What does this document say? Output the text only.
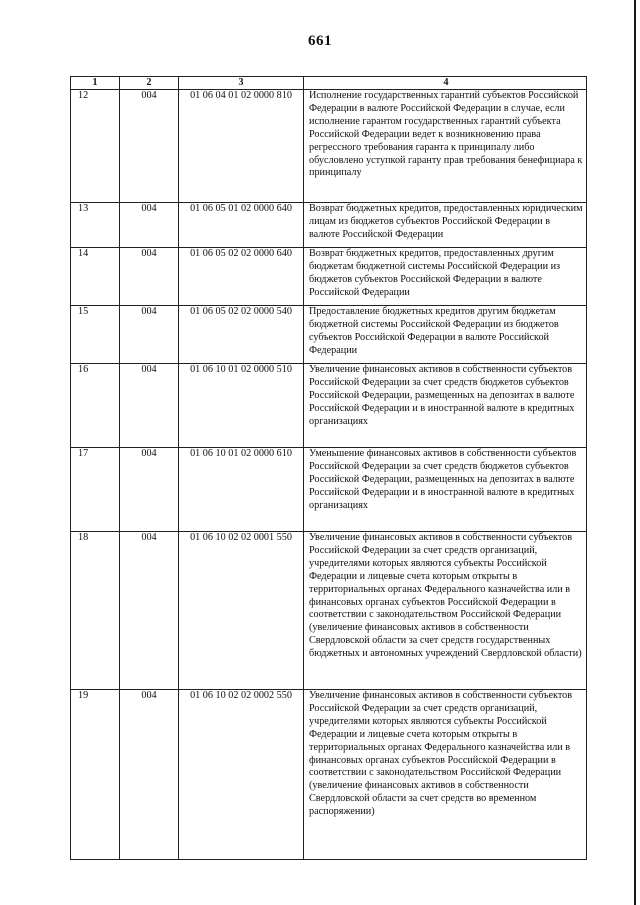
661
1	2	3	4
12	004	01 06 04 01 02 0000 810	Исполнение государственных гарантий субъектов Российской Федерации в валюте Российской Федерации в случае, если исполнение гарантом государственных гарантий субъекта Российской Федерации ведет к возникновению права регрессного требования гаранта к принципалу либо обусловлено уступкой гаранту прав требования бенефициара к принципалу
13	004	01 06 05 01 02 0000 640	Возврат бюджетных кредитов, предоставленных юридическим лицам из бюджетов субъектов Российской Федерации в валюте Российской Федерации
14	004	01 06 05 02 02 0000 640	Возврат бюджетных кредитов, предоставленных другим бюджетам бюджетной системы Российской Федерации из бюджетов субъектов Российской Федерации в валюте Российской Федерации
15	004	01 06 05 02 02 0000 540	Предоставление бюджетных кредитов другим бюджетам бюджетной системы Российской Федерации из бюджетов субъектов Российской Федерации в валюте Российской Федерации
16	004	01 06 10 01 02 0000 510	Увеличение финансовых активов в собственности субъектов Российской Федерации за счет средств бюджетов субъектов Российской Федерации, размещенных на депозитах в валюте Российской Федерации и в иностранной валюте в кредитных организациях
17	004	01 06 10 01 02 0000 610	Уменьшение финансовых активов в собственности субъектов Российской Федерации за счет средств бюджетов субъектов Российской Федерации, размещенных на депозитах в валюте Российской Федерации и в иностранной валюте в кредитных организациях
18	004	01 06 10 02 02 0001 550	Увеличение финансовых активов в собственности субъектов Российской Федерации за счет средств организаций, учредителями которых являются субъекты Российской Федерации и лицевые счета которым открыты в территориальных органах Федерального казначейства или в финансовых органах субъектов Российской Федерации в соответствии с законодательством Российской Федерации (увеличение финансовых активов в собственности Свердловской области за счет средств государственных бюджетных и автономных учреждений Свердловской области)
19	004	01 06 10 02 02 0002 550	Увеличение финансовых активов в собственности субъектов Российской Федерации за счет средств организаций, учредителями которых являются субъекты Российской Федерации и лицевые счета которым открыты в территориальных органах Федерального казначейства или в финансовых органах субъектов Российской Федерации в соответствии с законодательством Российской Федерации (увеличение финансовых активов в собственности Свердловской области за счет средств во временном распоряжении)
